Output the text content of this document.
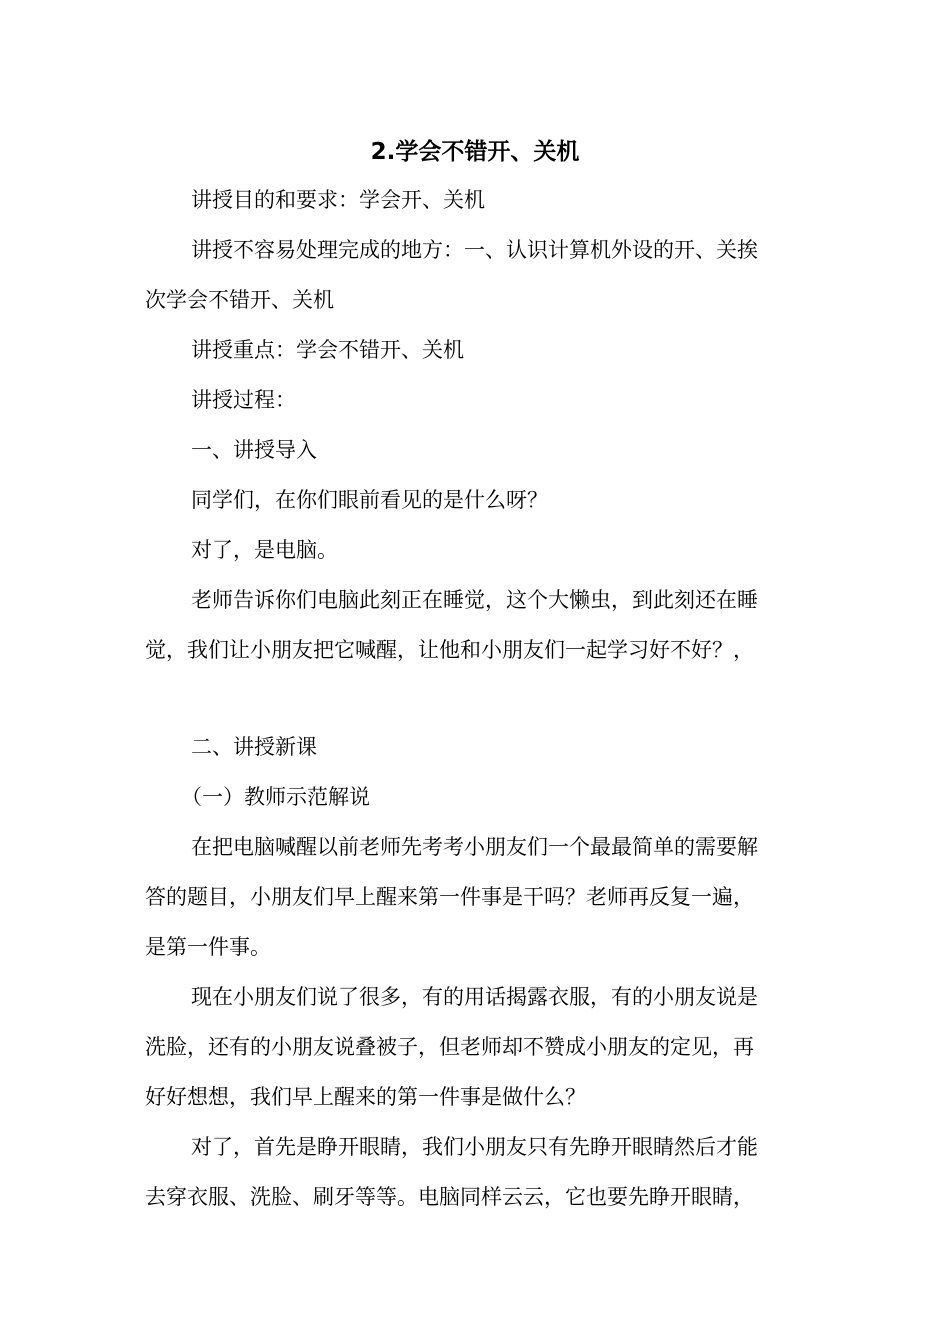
2.学会不错开、关机
讲授目的和要求：学会开、关机
讲授不容易处理完成的地方：一、认识计算机外设的开、关挨
次学会不错开、关机
讲授重点：学会不错开、关机
讲授过程：
一、讲授导入
同学们，在你们眼前看见的是什么呀？
对了，是电脑。
老师告诉你们电脑此刻正在睡觉，这个大懒虫，到此刻还在睡
觉，我们让小朋友把它喊醒，让他和小朋友们一起学习好不好？，
二、讲授新课
（一）教师示范解说
在把电脑喊醒以前老师先考考小朋友们一个最最简单的需要解
答的题目，小朋友们早上醒来第一件事是干吗？老师再反复一遍，
是第一件事。
现在小朋友们说了很多，有的用话揭露衣服，有的小朋友说是
洗脸，还有的小朋友说叠被子，但老师却不赞成小朋友的定见，再
好好想想，我们早上醒来的第一件事是做什么？
对了，首先是睁开眼睛，我们小朋友只有先睁开眼睛然后才能
去穿衣服、洗脸、刷牙等等。电脑同样云云，它也要先睁开眼睛，
